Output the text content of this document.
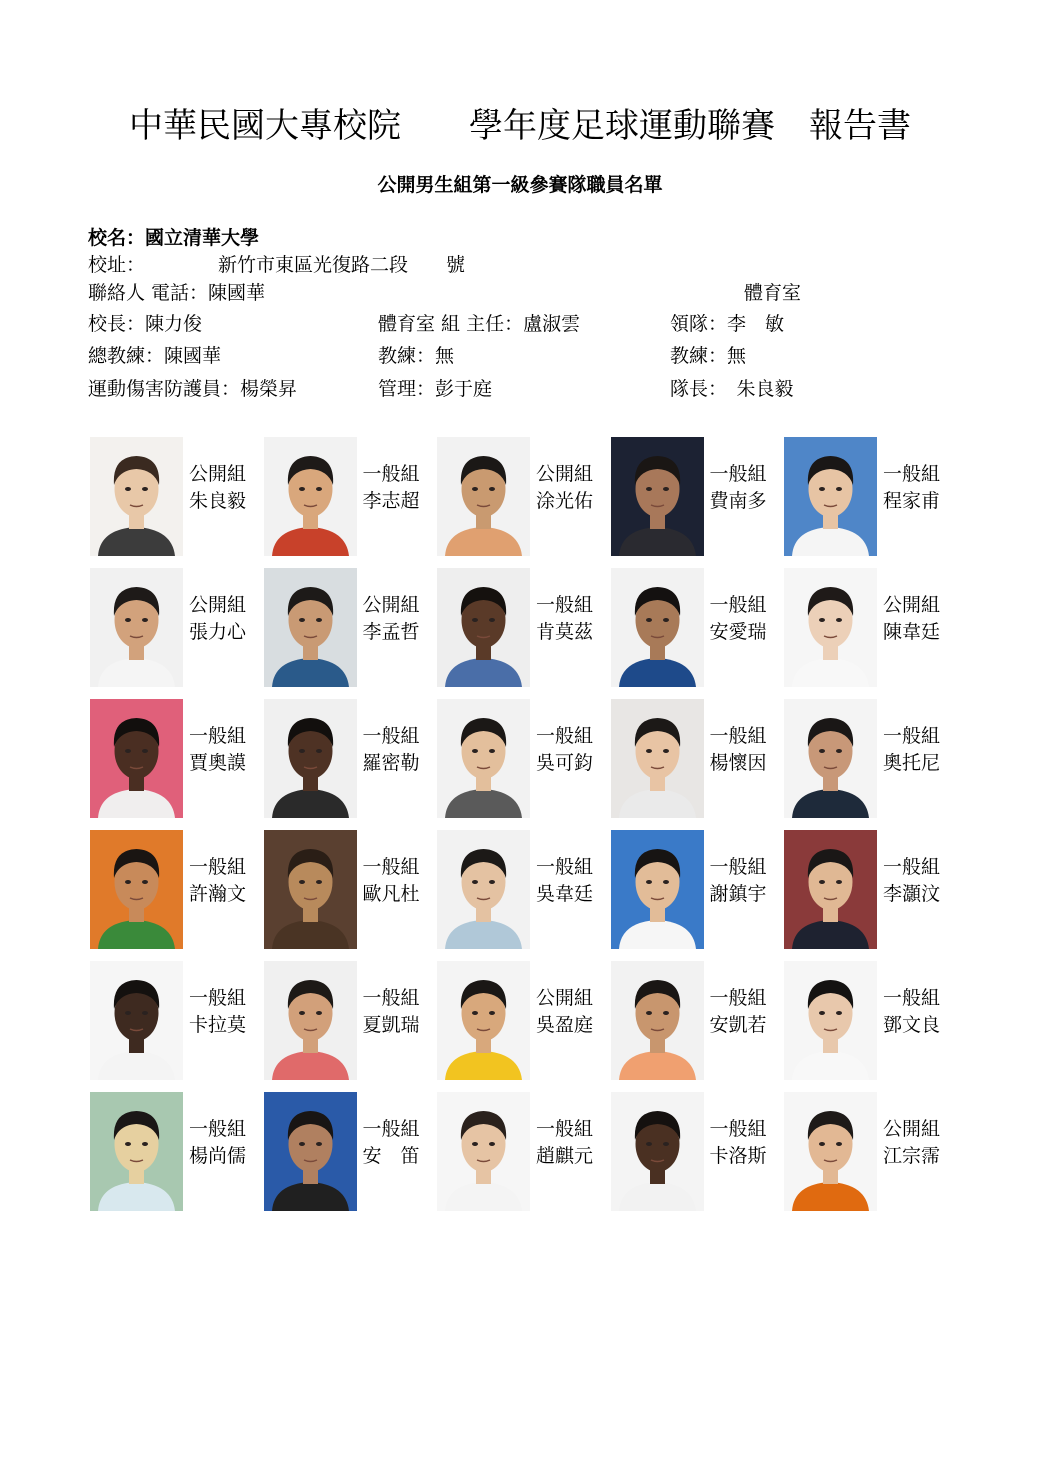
中華民國大專校院　　學年度足球運動聯賽　報告書
公開男生組第一級參賽隊職員名單
校名：國立清華大學
校址：	新竹市東區光復路二段　　號
聯絡人 電話：陳國華	體育室
校長：陳力俊	體育室 組 主任：盧淑雲	領隊：李　敏
總教練：陳國華	教練：無	教練：無
運動傷害防護員：楊榮昇	管理：彭于庭	隊長：　朱良毅
公開組
朱良毅
一般組
李志超
公開組
涂光佑
一般組
費南多
一般組
程家甫
公開組
張力心
公開組
李孟哲
一般組
肯莫茲
一般組
安愛瑞
公開組
陳韋廷
一般組
賈奧謨
一般組
羅密勒
一般組
吳可鈞
一般組
楊懷因
一般組
奧托尼
一般組
許瀚文
一般組
歐凡杜
一般組
吳韋廷
一般組
謝鎮宇
一般組
李灝汶
一般組
卡拉莫
一般組
夏凱瑞
公開組
吳盈庭
一般組
安凱若
一般組
鄧文良
一般組
楊尚儒
一般組
安　笛
一般組
趙麒元
一般組
卡洛斯
公開組
江宗霈
